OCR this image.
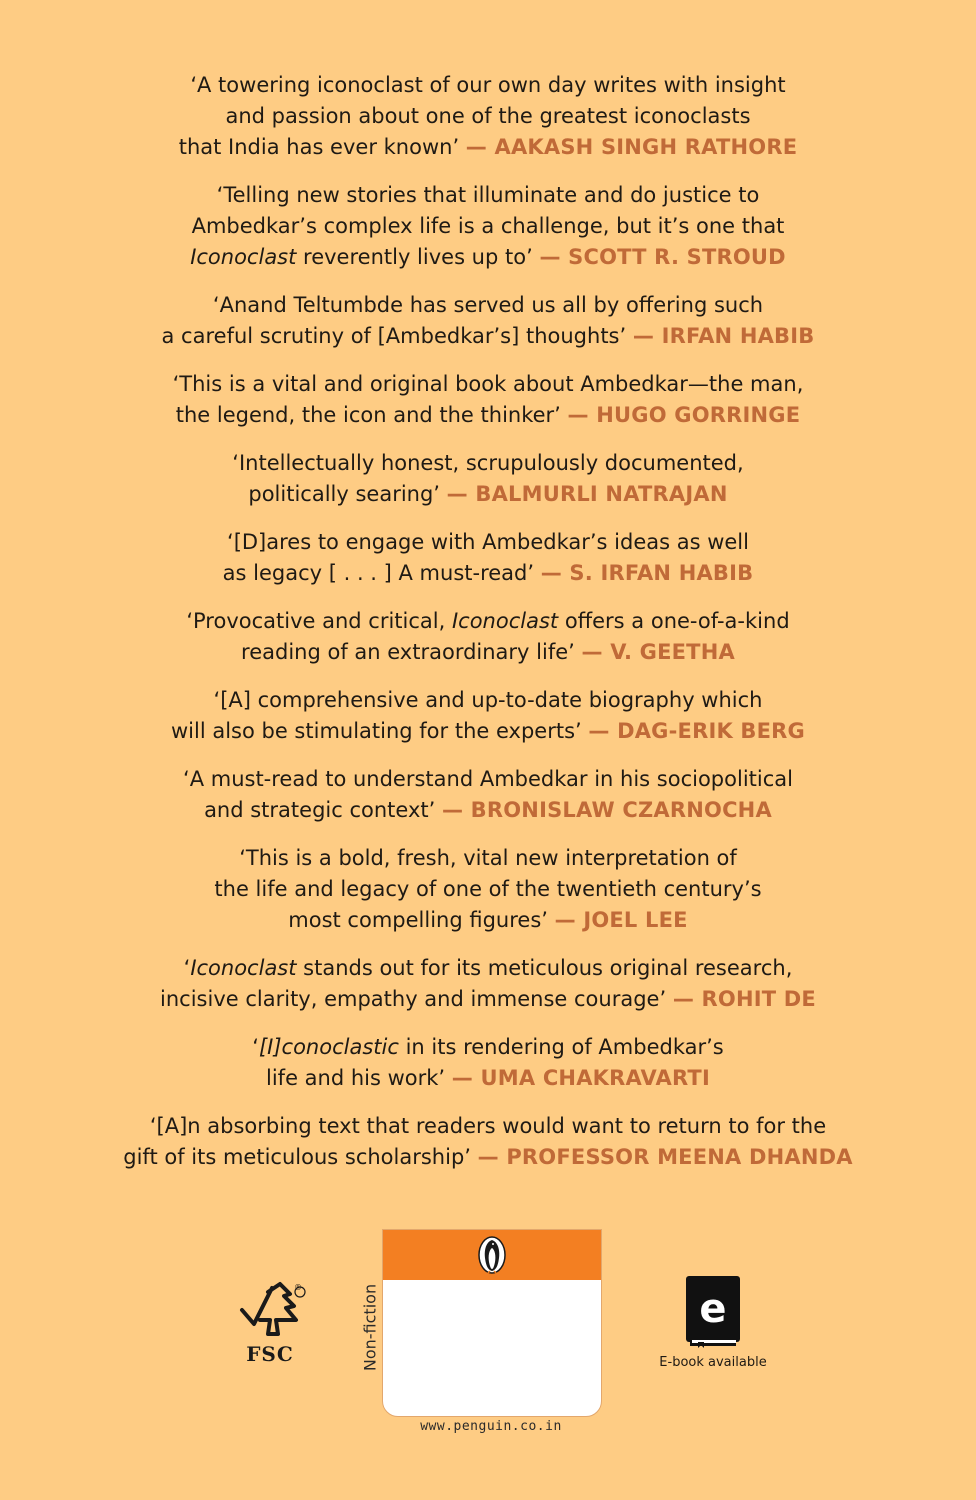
‘A towering iconoclast of our own day writes with insight
and passion about one of the greatest iconoclasts
that India has ever known’ — AAKASH SINGH RATHORE

‘Telling new stories that illuminate and do justice to
Ambedkar’s complex life is a challenge, but it’s one that
Iconoclast reverently lives up to’ — SCOTT R. STROUD

‘Anand Teltumbde has served us all by offering such
a careful scrutiny of [Ambedkar’s] thoughts’ — IRFAN HABIB

‘This is a vital and original book about Ambedkar—the man,
the legend, the icon and the thinker’ — HUGO GORRINGE

‘Intellectually honest, scrupulously documented,
politically searing’ — BALMURLI NATRAJAN

‘[D]ares to engage with Ambedkar’s ideas as well
as legacy [ . . . ] A must-read’ — S. IRFAN HABIB

‘Provocative and critical, Iconoclast offers a one-of-a-kind
reading of an extraordinary life’ — V. GEETHA

‘[A] comprehensive and up-to-date biography which
will also be stimulating for the experts’ — DAG-ERIK BERG

‘A must-read to understand Ambedkar in his sociopolitical
and strategic context’ — BRONISLAW CZARNOCHA

‘This is a bold, fresh, vital new interpretation of
the life and legacy of one of the twentieth century’s
most compelling figures’ — JOEL LEE

‘Iconoclast stands out for its meticulous original research,
incisive clarity, empathy and immense courage’ — ROHIT DE

‘[I]conoclastic in its rendering of Ambedkar’s
life and his work’ — UMA CHAKRAVARTI

‘[A]n absorbing text that readers would want to return to for the
gift of its meticulous scholarship’ — PROFESSOR MEENA DHANDA

®
FSC	Non-fiction
www.penguin.co.in
e
E-book available
